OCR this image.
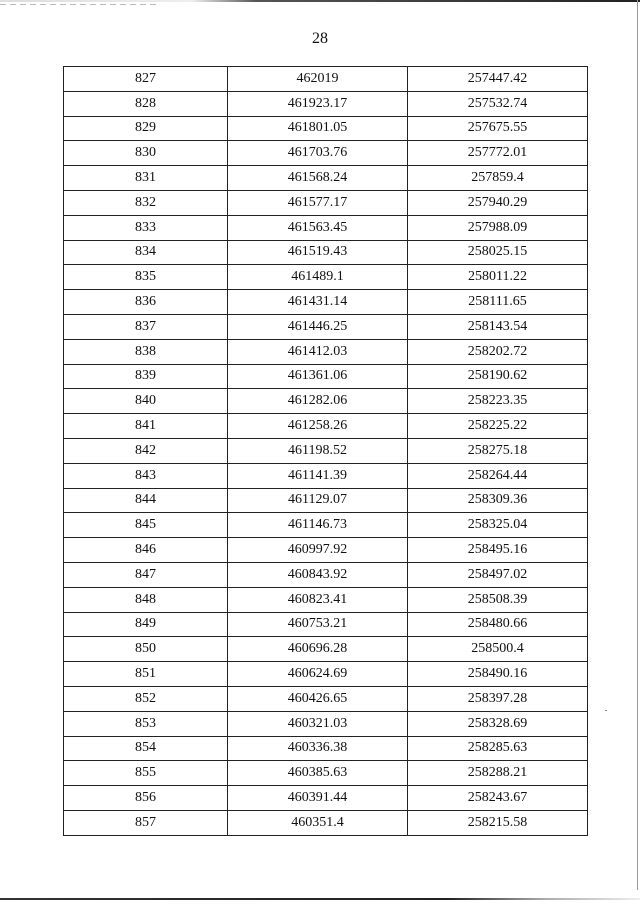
28
827	462019	257447.42
828	461923.17	257532.74
829	461801.05	257675.55
830	461703.76	257772.01
831	461568.24	257859.4
832	461577.17	257940.29
833	461563.45	257988.09
834	461519.43	258025.15
835	461489.1	258011.22
836	461431.14	258111.65
837	461446.25	258143.54
838	461412.03	258202.72
839	461361.06	258190.62
840	461282.06	258223.35
841	461258.26	258225.22
842	461198.52	258275.18
843	461141.39	258264.44
844	461129.07	258309.36
845	461146.73	258325.04
846	460997.92	258495.16
847	460843.92	258497.02
848	460823.41	258508.39
849	460753.21	258480.66
850	460696.28	258500.4
851	460624.69	258490.16
852	460426.65	258397.28
853	460321.03	258328.69
854	460336.38	258285.63
855	460385.63	258288.21
856	460391.44	258243.67
857	460351.4	258215.58
